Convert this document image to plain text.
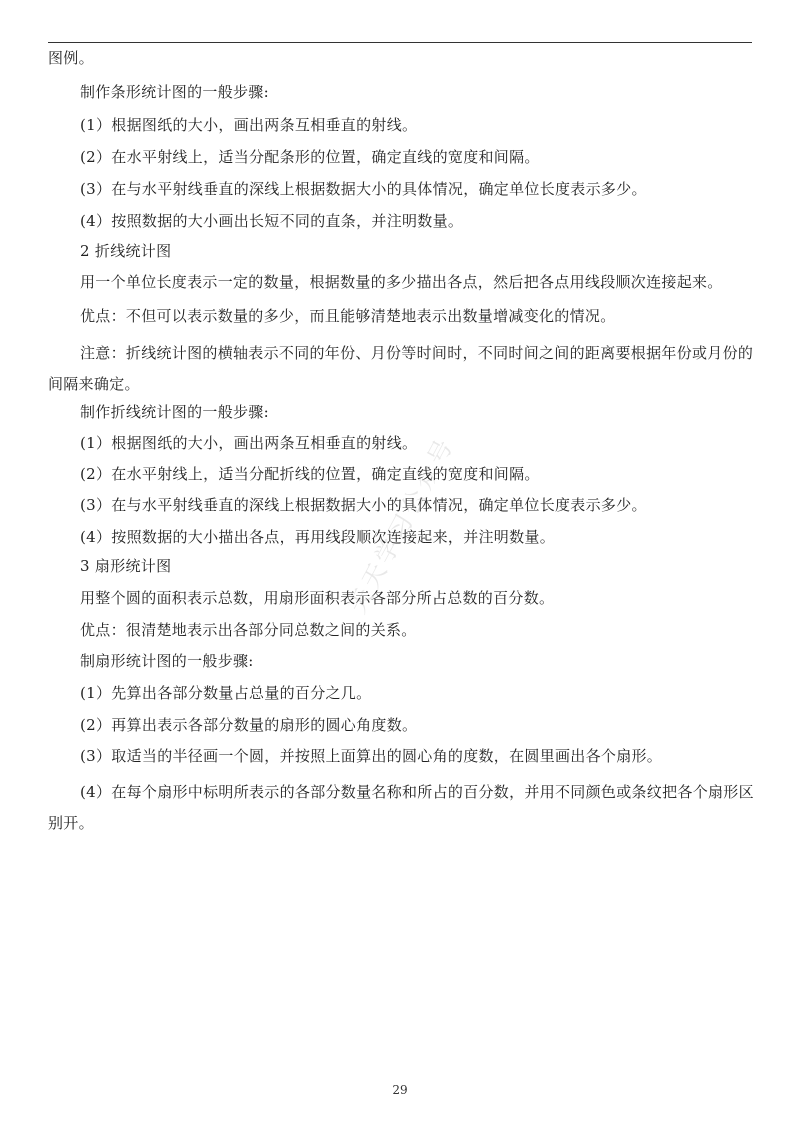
图例。
制作条形统计图的一般步骤:
(1）根据图纸的大小，画出两条互相垂直的射线。
(2）在水平射线上，适当分配条形的位置，确定直线的宽度和间隔。
(3）在与水平射线垂直的深线上根据数据大小的具体情况，确定单位长度表示多少。
(4）按照数据的大小画出长短不同的直条，并注明数量。
2 折线统计图
用一个单位长度表示一定的数量，根据数量的多少描出各点，然后把各点用线段顺次连接起来。
优点：不但可以表示数量的多少，而且能够清楚地表示出数量增减变化的情况。
注意：折线统计图的横轴表示不同的年份、月份等时间时，不同时间之间的距离要根据年份或月份的间隔来确定。
制作折线统计图的一般步骤:
(1）根据图纸的大小，画出两条互相垂直的射线。
(2）在水平射线上，适当分配折线的位置，确定直线的宽度和间隔。
(3）在与水平射线垂直的深线上根据数据大小的具体情况，确定单位长度表示多少。
(4）按照数据的大小描出各点，再用线段顺次连接起来，并注明数量。
3 扇形统计图
用整个圆的面积表示总数，用扇形面积表示各部分所占总数的百分数。
优点：很清楚地表示出各部分同总数之间的关系。
制扇形统计图的一般步骤:
(1）先算出各部分数量占总量的百分之几。
(2）再算出表示各部分数量的扇形的圆心角度数。
(3）取适当的半径画一个圆，并按照上面算出的圆心角的度数，在圆里画出各个扇形。
(4）在每个扇形中标明所表示的各部分数量名称和所占的百分数，并用不同颜色或条纹把各个扇形区别开。
天天学习公众号
29
